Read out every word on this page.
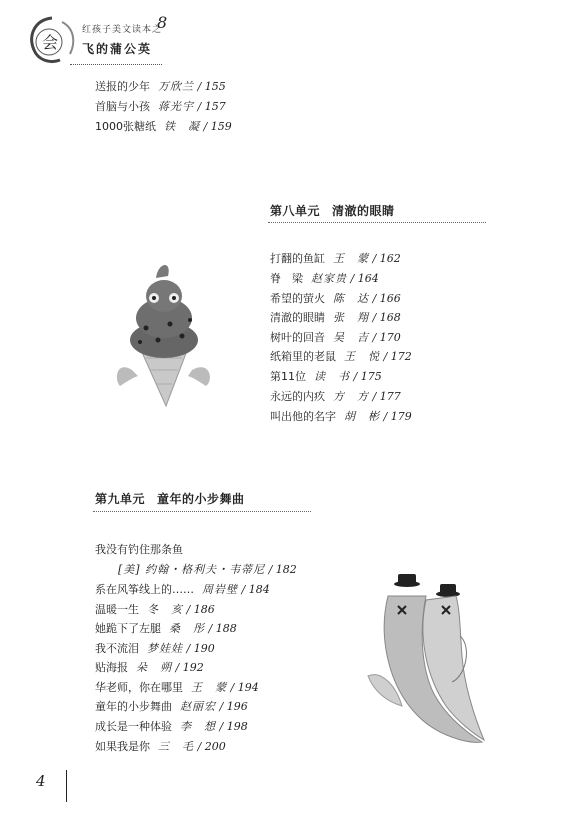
会
红孩子美文读本之
8
飞的蒲公英
送报的少年 万欣兰 / 155
首脑与小孩 蒋光宇 / 157
1000张糖纸 铁　凝 / 159
第八单元 清澈的眼睛
打翻的鱼缸 王　蒙 / 162
脊　梁 赵家贵 / 164
希望的萤火 陈　达 / 166
清澈的眼睛 张　翔 / 168
树叶的回音 吴　吉 / 170
纸箱里的老鼠 王　悦 / 172
第11位 读　书 / 175
永远的内疚 方　方 / 177
叫出他的名字 胡　彬 / 179
第九单元 童年的小步舞曲
我没有钓住那条鱼
[美] 约翰・格利夫・韦蒂尼 / 182
系在风筝线上的…… 周岩壁 / 184
温暖一生 冬　亥 / 186
她跪下了左腿 桑　彤 / 188
我不流泪 梦娃娃 / 190
贴海报 朵　朔 / 192
华老师，你在哪里 王　蒙 / 194
童年的小步舞曲 赵丽宏 / 196
成长是一种体验 李　想 / 198
如果我是你 三　毛 / 200
4
